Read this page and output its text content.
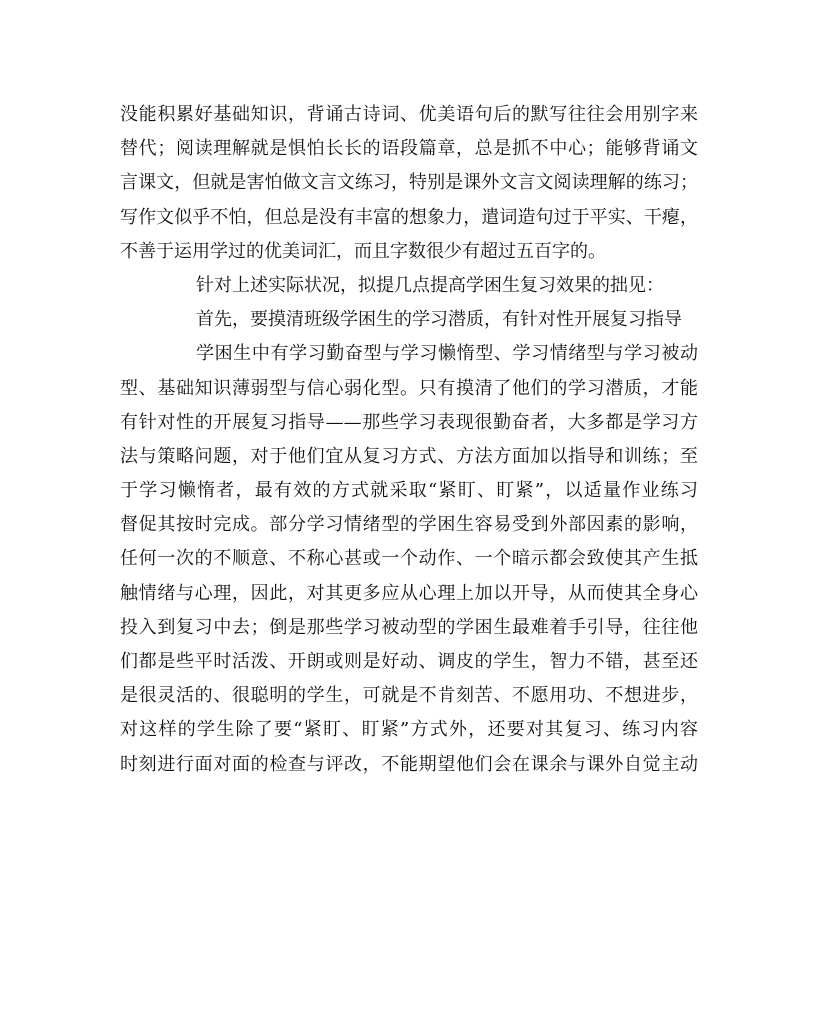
没能积累好基础知识，背诵古诗词、优美语句后的默写往往会用别字来
替代；阅读理解就是惧怕长长的语段篇章，总是抓不中心；能够背诵文
言课文，但就是害怕做文言文练习，特别是课外文言文阅读理解的练习；
写作文似乎不怕，但总是没有丰富的想象力，遣词造句过于平实、干瘪，
不善于运用学过的优美词汇，而且字数很少有超过五百字的。
针对上述实际状况，拟提几点提高学困生复习效果的拙见：
首先，要摸清班级学困生的学习潜质，有针对性开展复习指导
学困生中有学习勤奋型与学习懒惰型、学习情绪型与学习被动
型、基础知识薄弱型与信心弱化型。只有摸清了他们的学习潜质，才能
有针对性的开展复习指导——那些学习表现很勤奋者，大多都是学习方
法与策略问题，对于他们宜从复习方式、方法方面加以指导和训练；至
于学习懒惰者，最有效的方式就采取“紧盯、盯紧”，以适量作业练习
督促其按时完成。部分学习情绪型的学困生容易受到外部因素的影响，
任何一次的不顺意、不称心甚或一个动作、一个暗示都会致使其产生抵
触情绪与心理，因此，对其更多应从心理上加以开导，从而使其全身心
投入到复习中去；倒是那些学习被动型的学困生最难着手引导，往往他
们都是些平时活泼、开朗或则是好动、调皮的学生，智力不错，甚至还
是很灵活的、很聪明的学生，可就是不肯刻苦、不愿用功、不想进步，
对这样的学生除了要“紧盯、盯紧”方式外，还要对其复习、练习内容
时刻进行面对面的检查与评改，不能期望他们会在课余与课外自觉主动
